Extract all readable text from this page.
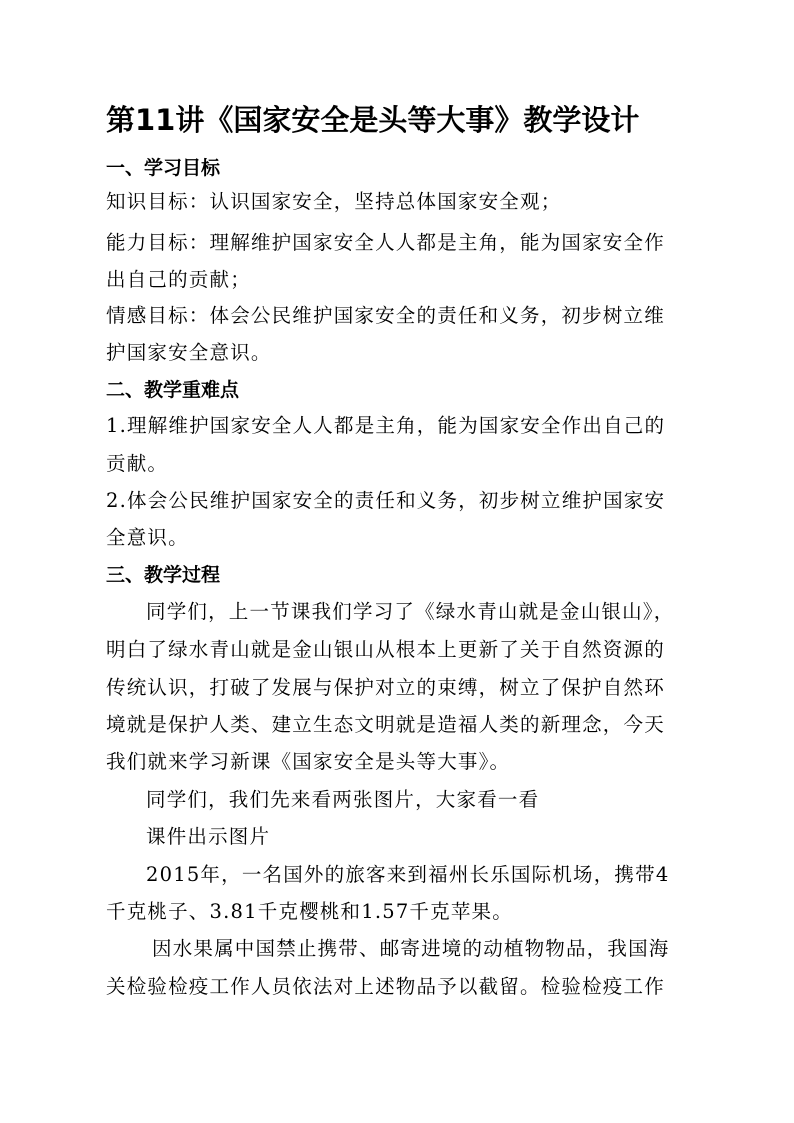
第11讲《国家安全是头等大事》教学设计
一、学习目标
知识目标：认识国家安全，坚持总体国家安全观；
能力目标：理解维护国家安全人人都是主角，能为国家安全作
出自己的贡献；
情感目标：体会公民维护国家安全的责任和义务，初步树立维
护国家安全意识。
二、教学重难点
1.理解维护国家安全人人都是主角，能为国家安全作出自己的
贡献。
2.体会公民维护国家安全的责任和义务，初步树立维护国家安
全意识。
三、教学过程
同学们，上一节课我们学习了《绿水青山就是金山银山》，
明白了绿水青山就是金山银山从根本上更新了关于自然资源的
传统认识，打破了发展与保护对立的束缚，树立了保护自然环
境就是保护人类、建立生态文明就是造福人类的新理念，今天
我们就来学习新课《国家安全是头等大事》。
同学们，我们先来看两张图片，大家看一看
课件出示图片
2015年，一名国外的旅客来到福州长乐国际机场，携带4
千克桃子、3.81千克樱桃和1.57千克苹果。
因水果属中国禁止携带、邮寄进境的动植物物品，我国海
关检验检疫工作人员依法对上述物品予以截留。检验检疫工作
